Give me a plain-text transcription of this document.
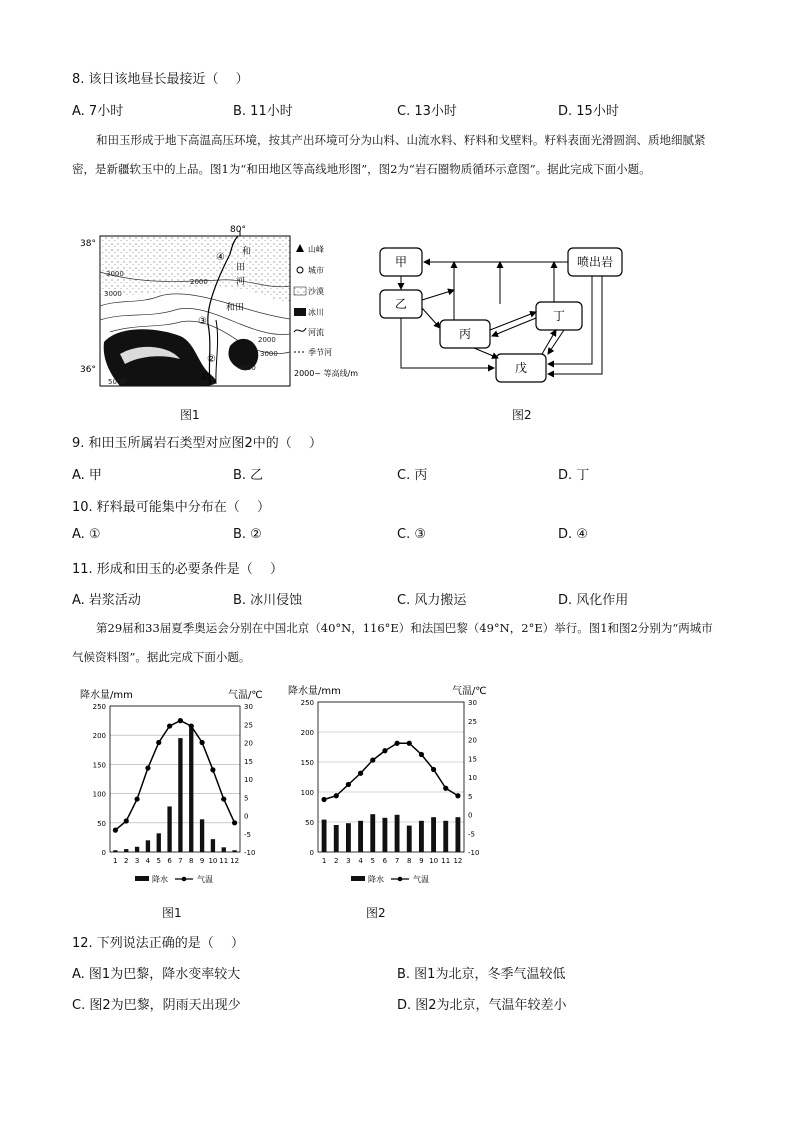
8. 该日该地昼长最接近（　 ）
A. 7小时	B. 11小时	C. 13小时	D. 15小时
和田玉形成于地下高温高压环境，按其产出环境可分为山料、山流水料、籽料和戈壁料。籽料表面光滑圆润、质地细腻紧密，是新疆软玉中的上品。图1为“和田地区等高线地形图”，图2为“岩石圈物质循环示意图”。据此完成下面小题。
80°
38°
36°
3000
3000
2000
2000
3000
4000
5000
和
田
河
和田
①
②
③
④
山峰
城市
沙漠
冰川
河流
季节河
2000~ 等高线/m
图1
甲
乙
丙
丁
戊
喷出岩
图2
9. 和田玉所属岩石类型对应图2中的（　 ）
A. 甲	B. 乙	C. 丙	D. 丁
10. 籽料最可能集中分布在（　 ）
A. ①	B. ②	C. ③	D. ④
11. 形成和田玉的必要条件是（　 ）
A. 岩浆活动	B. 冰川侵蚀	C. 风力搬运	D. 风化作用
第29届和33届夏季奥运会分别在中国北京（40°N，116°E）和法国巴黎（49°N，2°E）举行。图1和图2分别为“两城市气候资料图”。据此完成下面小题。
降水量/mm	气温/℃
0
50
100
150
200
250
-10
-5
0
5
10
15
20
25
30
1 2 3 4 5 6 7 8 9 10 11 12
降水	气温
降水量/mm	气温/℃
0
50
100
150
200
250
-10
-5
0
5
10
15
20
25
30
1 2 3 4 5 6 7 8 9 10 11 12
降水	气温
图1	图2
12. 下列说法正确的是（　 ）
A. 图1为巴黎，降水变率较大	B. 图1为北京，冬季气温较低
C. 图2为巴黎，阴雨天出现少	D. 图2为北京，气温年较差小
